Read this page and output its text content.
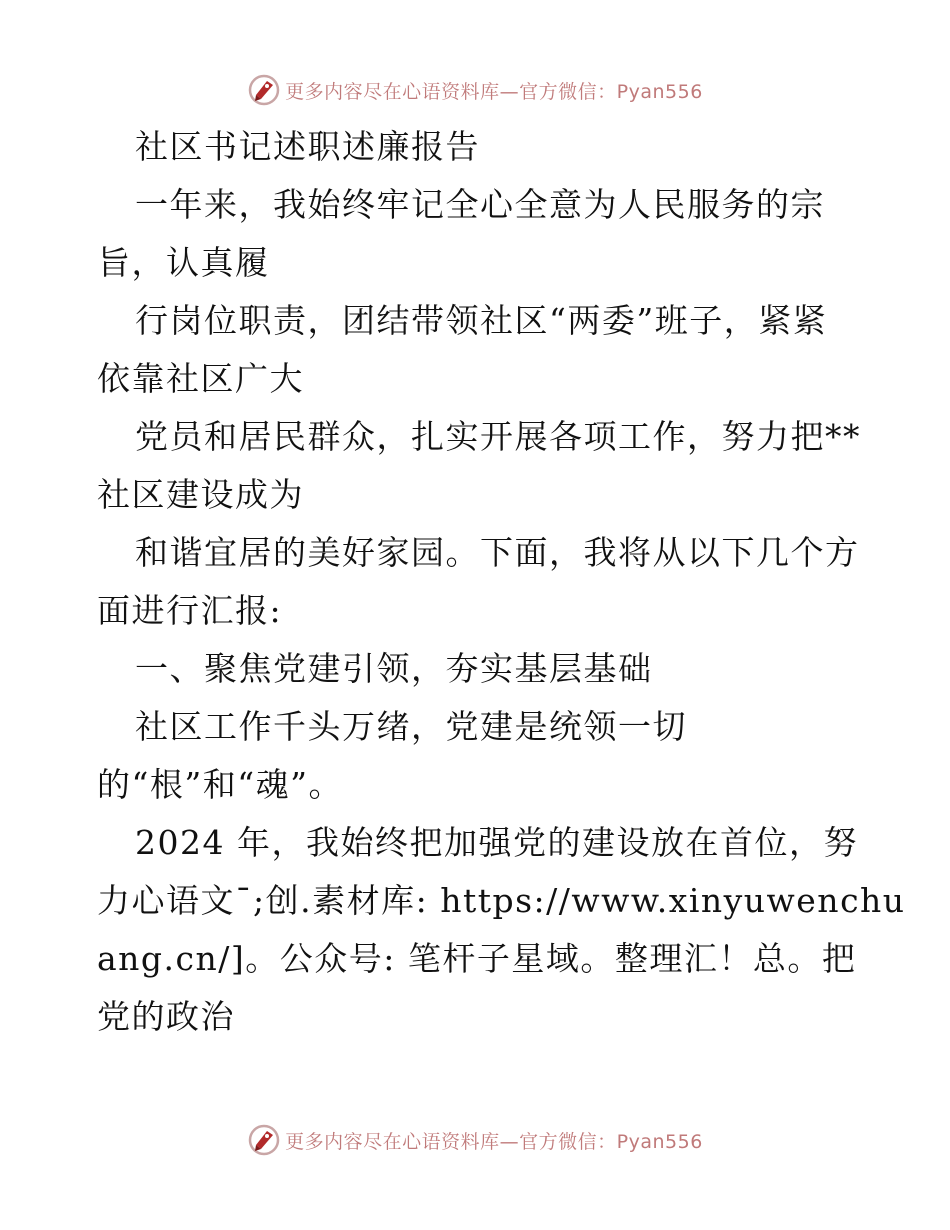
更多内容尽在心语资料库—官方微信：Pyan556
社区书记述职述廉报告
一年来，我始终牢记全心全意为人民服务的宗
旨，认真履
行岗位职责，团结带领社区“两委”班子，紧紧
依靠社区广大
党员和居民群众，扎实开展各项工作，努力把**
社区建设成为
和谐宜居的美好家园。下面，我将从以下几个方
面进行汇报:
一、聚焦党建引领，夯实基层基础
社区工作千头万绪，党建是统领一切
的“根”和“魂”。
2024 年，我始终把加强党的建设放在首位，努
力心语文¯;创.素材库: https://www.xinyuwenchu
ang.cn/]。公众号: 笔杆子星域。整理汇！总。把
党的政治
更多内容尽在心语资料库—官方微信：Pyan556
